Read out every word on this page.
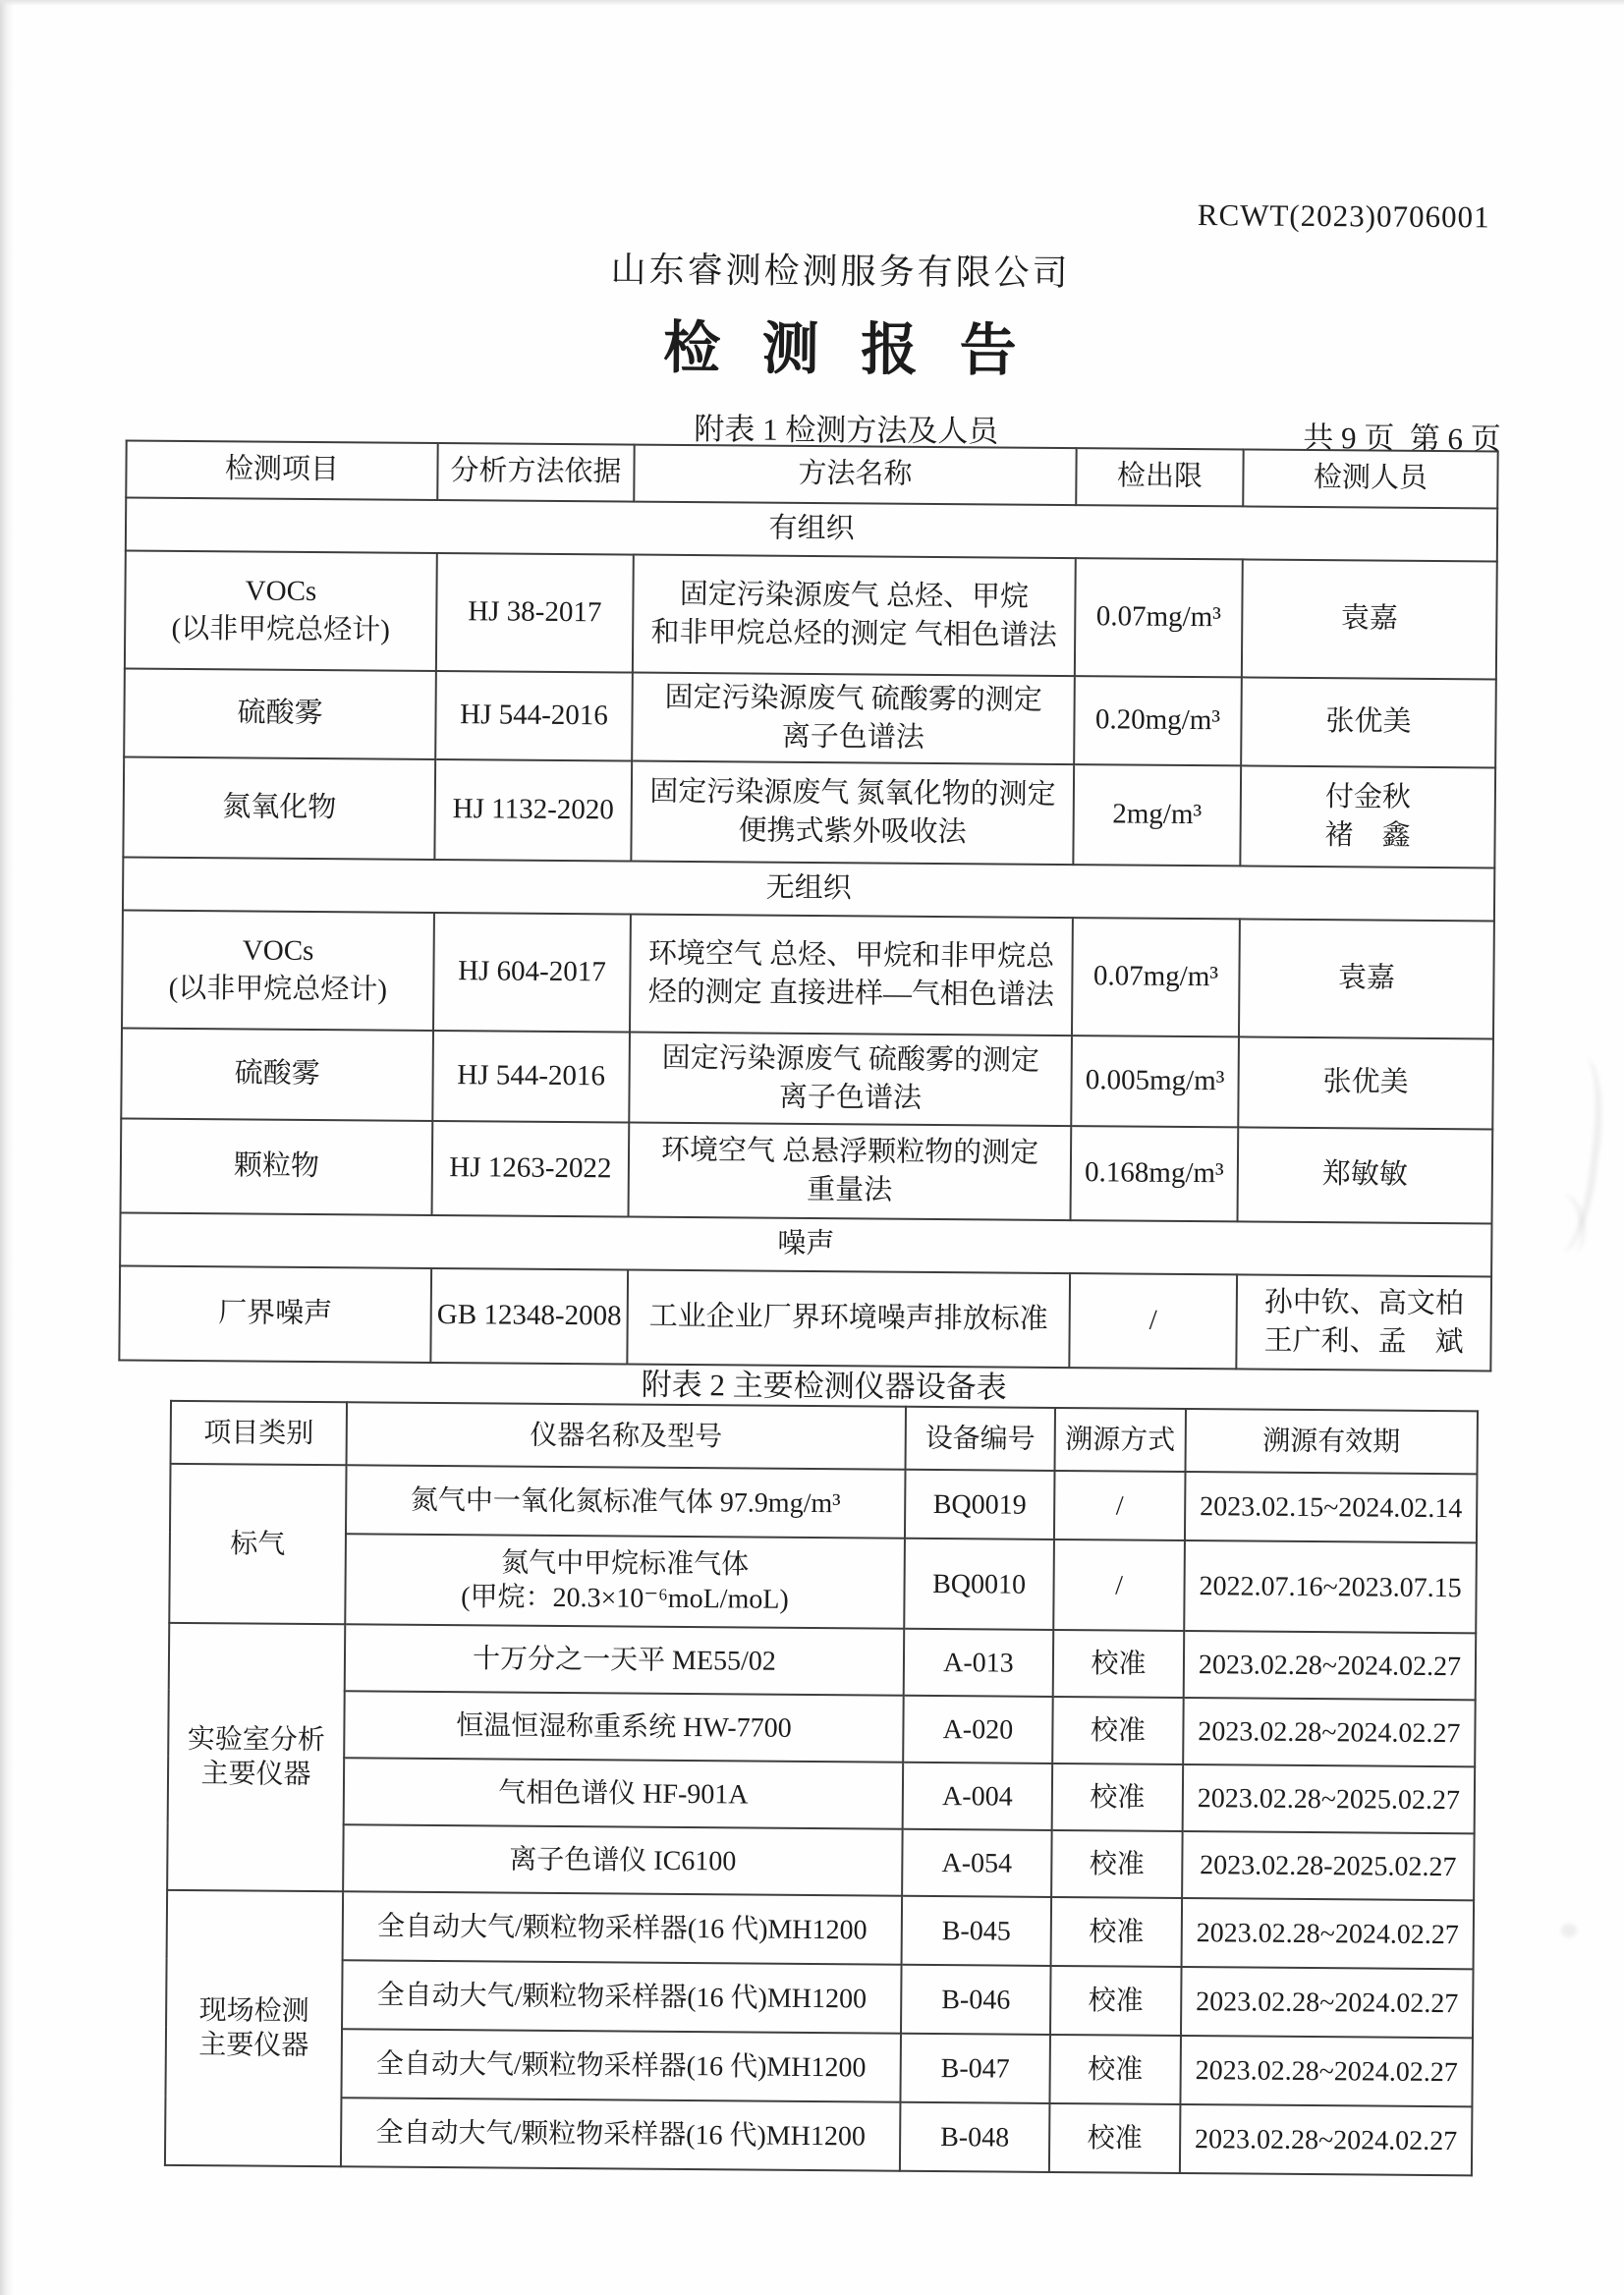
RCWT(2023)0706001
山东睿测检测服务有限公司
检 测 报 告
附表 1 检测方法及人员	共 9 页  第 6 页
检测项目	分析方法依据	方法名称	检出限	检测人员
有组织				
VOCs
(以非甲烷总烃计)	HJ 38-2017	固定污染源废气 总烃、甲烷
和非甲烷总烃的测定 气相色谱法	0.07mg/m³	袁嘉
硫酸雾	HJ 544-2016	固定污染源废气 硫酸雾的测定
离子色谱法	0.20mg/m³	张优美
氮氧化物	HJ 1132-2020	固定污染源废气 氮氧化物的测定
便携式紫外吸收法	2mg/m³	付金秋
褚　鑫
无组织				
VOCs
(以非甲烷总烃计)	HJ 604-2017	环境空气 总烃、甲烷和非甲烷总
烃的测定 直接进样—气相色谱法	0.07mg/m³	袁嘉
硫酸雾	HJ 544-2016	固定污染源废气 硫酸雾的测定
离子色谱法	0.005mg/m³	张优美
颗粒物	HJ 1263-2022	环境空气 总悬浮颗粒物的测定
重量法	0.168mg/m³	郑敏敏
噪声				
厂界噪声	GB 12348-2008	工业企业厂界环境噪声排放标准	/	孙中钦、高文柏
王广利、孟　斌
附表 2 主要检测仪器设备表
项目类别	仪器名称及型号	设备编号	溯源方式	溯源有效期
标气	氮气中一氧化氮标准气体 97.9mg/m³	BQ0019	/	2023.02.15~2024.02.14
	氮气中甲烷标准气体
(甲烷：20.3×10⁻⁶moL/moL)	BQ0010	/	2022.07.16~2023.07.15
实验室分析
主要仪器	十万分之一天平 ME55/02	A-013	校准	2023.02.28~2024.02.27
	恒温恒湿称重系统 HW-7700	A-020	校准	2023.02.28~2024.02.27
	气相色谱仪 HF-901A	A-004	校准	2023.02.28~2025.02.27
	离子色谱仪 IC6100	A-054	校准	2023.02.28-2025.02.27
现场检测
主要仪器	全自动大气/颗粒物采样器(16 代)MH1200	B-045	校准	2023.02.28~2024.02.27
	全自动大气/颗粒物采样器(16 代)MH1200	B-046	校准	2023.02.28~2024.02.27
	全自动大气/颗粒物采样器(16 代)MH1200	B-047	校准	2023.02.28~2024.02.27
	全自动大气/颗粒物采样器(16 代)MH1200	B-048	校准	2023.02.28~2024.02.27
